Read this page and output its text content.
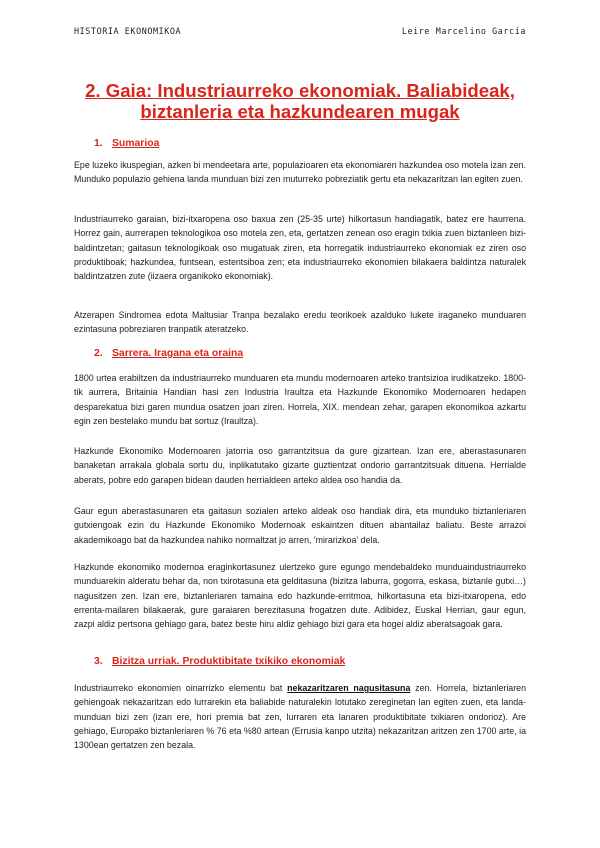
HISTORIA EKONOMIKOA	Leire Marcelino García
2. Gaia: Industriaurreko ekonomiak. Baliabideak, biztanleria eta hazkundearen mugak
1. Sumarioa

Epe luzeko ikuspegian, azken bi mendeetara arte, populazioaren eta ekonomiaren hazkundea oso motela izan zen. Munduko populazio gehiena landa munduan bizi zen muturreko pobreziatik gertu eta nekazaritzan lan egiten zuen.

Industriaurreko garaian, bizi-itxaropena oso baxua zen (25-35 urte) hilkortasun handiagatik, batez ere haurrena. Horrez gain, aurrerapen teknologikoa oso motela zen, eta, gertatzen zenean oso eragin txikia zuen biztanleen bizi-baldintzetan; gaitasun teknologikoak oso mugatuak ziren, eta horregatik industriaurreko ekonomiak ez ziren oso produktiboak; hazkundea, funtsean, estentsiboa zen; eta industriaurreko ekonomien bilakaera baldintza naturalek baldintzatzen zute (iizaera organikoko ekonomiak).

Atzerapen Sindromea edota Maltusiar Tranpa bezalako eredu teorikoek azalduko lukete iraganeko munduaren ezintasuna pobreziaren tranpatik ateratzeko.

2. Sarrera. Iragana eta oraina

1800 urtea erabiltzen da industriaurreko munduaren eta mundu modernoaren arteko trantsizioa irudikatzeko. 1800-tik aurrera, Britainia Handian hasi zen Industria Iraultza eta Hazkunde Ekonomiko Modernoaren hedapen desparekatua bizi garen mundua osatzen joan ziren. Horrela, XIX. mendean zehar, garapen ekonomikoa azkartu egin zen bestelako mundu bat sortuz (Iraultza).

Hazkunde Ekonomiko Modernoaren jatorria oso garrantzitsua da gure gizartean. Izan ere, aberastasunaren banaketan arrakala globala sortu du, inplikatutako gizarte guztientzat ondorio garrantzitsuak dituena. Herrialde aberats, pobre edo garapen bidean dauden herrialdeen arteko aldea oso handia da.

Gaur egun aberastasunaren eta gaitasun sozialen arteko aldeak oso handiak dira, eta munduko biztanleriaren gutxiengoak ezin du Hazkunde Ekonomiko Modernoak eskaintzen dituen abantailaz baliatu. Beste arrazoi akademikoago bat da hazkundea nahiko normaltzat jo arren, 'mirarizkoa' dela.

Hazkunde ekonomiko modernoa eraginkortasunez ulertzeko gure egungo mendebaldeko munduaindustriaurreko munduarekin alderatu behar da, non txirotasuna eta gelditasuna (bizitza laburra, gogorra, eskasa, biztanle gutxi…) nagusitzen zen. Izan ere, biztanleriaren tamaina edo hazkunde-erritmoa, hilkortasuna eta bizi-itxaropena, edo errenta-mailaren bilakaerak, gure garaiaren berezitasuna frogatzen dute. Adibidez, Euskal Herrian, gaur egun, zazpi aldiz pertsona gehiago gara, batez beste hiru aldiz gehiago bizi gara eta hogei aldiz aberatsagoak gara.

3. Bizitza urriak. Produktibitate txikiko ekonomiak

Industriaurreko ekonomien oinarrizko elementu bat nekazaritzaren nagusitasuna zen. Horrela, biztanleriaren gehiengoak nekazaritzan edo lurrarekin eta baliabide naturalekin lotutako zereginetan lan egiten zuen, eta landa-munduan bizi zen (izan ere, hori premia bat zen, lurraren eta lanaren produktibitate txikiaren ondorioz). Are gehiago, Europako biztanleriaren % 76 eta %80 artean (Errusia kanpo utzita) nekazaritzan aritzen zen 1700 arte, ia 1300ean gertatzen zen bezala.
